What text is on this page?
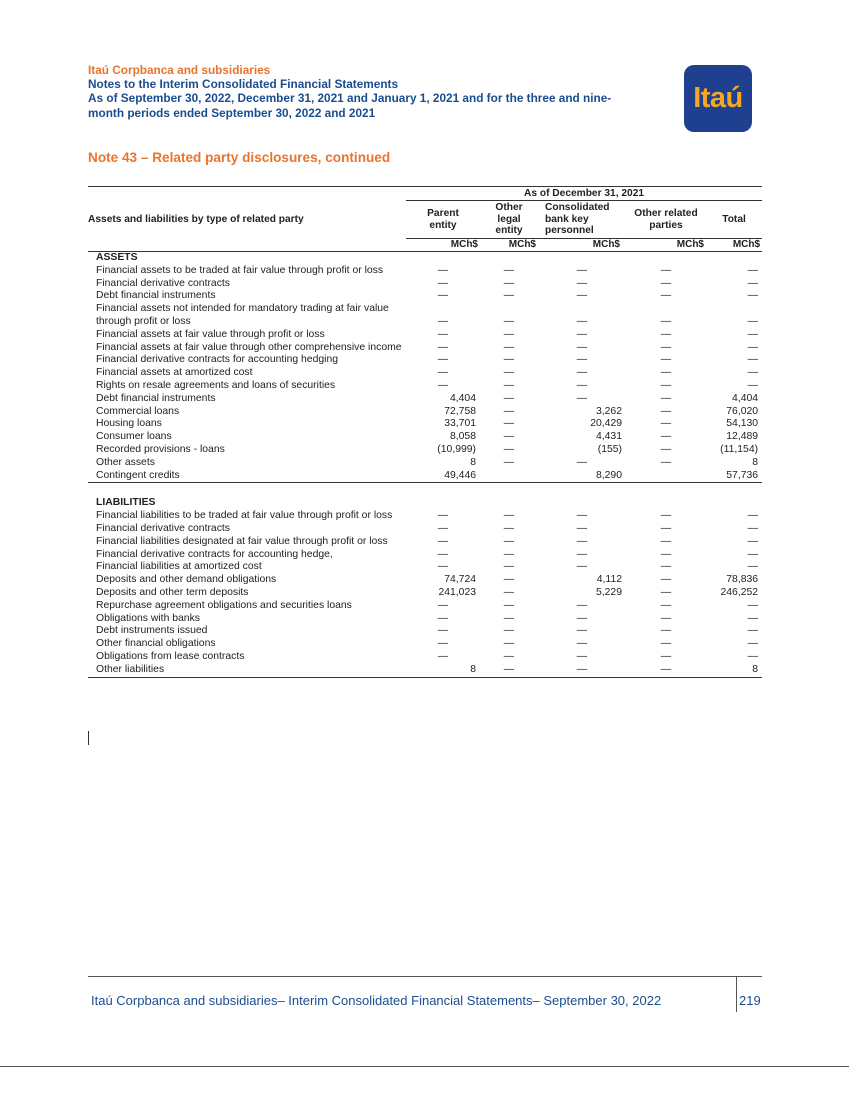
Itaú Corpbanca and subsidiaries
Notes to the Interim Consolidated Financial Statements
As of September 30, 2022, December 31, 2021 and January 1, 2021 and for the three and nine-
month periods ended September 30, 2022 and 2021	Itaú
Note 43 – Related party disclosures, continued
	As of December 31, 2021				
Assets and liabilities by type of related party	Parent entity	Other legal entity	Consolidated bank key personnel	Other related parties	Total
	MCh$	MCh$	MCh$	MCh$	MCh$
ASSETS					
Financial assets to be traded at fair value through profit or loss	—	—	—	—	—
Financial derivative contracts	—	—	—	—	—
Debt financial instruments	—	—	—	—	—
Financial assets not intended for mandatory trading at fair value through profit or loss	—	—	—	—	—
Financial assets at fair value through profit or loss	—	—	—	—	—
Financial assets at fair value through other comprehensive income	—	—	—	—	—
Financial derivative contracts for accounting hedging	—	—	—	—	—
Financial assets at amortized cost	—	—	—	—	—
Rights on resale agreements and loans of securities	—	—	—	—	—
Debt financial instruments	4,404	—	—	—	4,404
Commercial loans	72,758	—	3,262	—	76,020
Housing loans	33,701	—	20,429	—	54,130
Consumer loans	8,058	—	4,431	—	12,489
Recorded provisions - loans	(10,999)	—	(155)	—	(11,154)
Other assets	8	—	—	—	8
Contingent credits	49,446		8,290		57,736

LIABILITIES					
Financial liabilities to be traded at fair value through profit or loss	—	—	—	—	—
Financial derivative contracts	—	—	—	—	—
Financial liabilities designated at fair value through profit or loss	—	—	—	—	—
Financial derivative contracts for accounting hedge,	—	—	—	—	—
Financial liabilities at amortized cost	—	—	—	—	—
Deposits and other demand obligations	74,724	—	4,112	—	78,836
Deposits and other term deposits	241,023	—	5,229	—	246,252
Repurchase agreement obligations and securities loans	—	—	—	—	—
Obligations with banks	—	—	—	—	—
Debt instruments issued	—	—	—	—	—
Other financial obligations	—	—	—	—	—
Obligations from lease contracts	—	—	—	—	—
Other liabilities	8	—	—	—	8
Itaú Corpbanca and subsidiaries– Interim Consolidated Financial Statements– September 30, 2022	219
